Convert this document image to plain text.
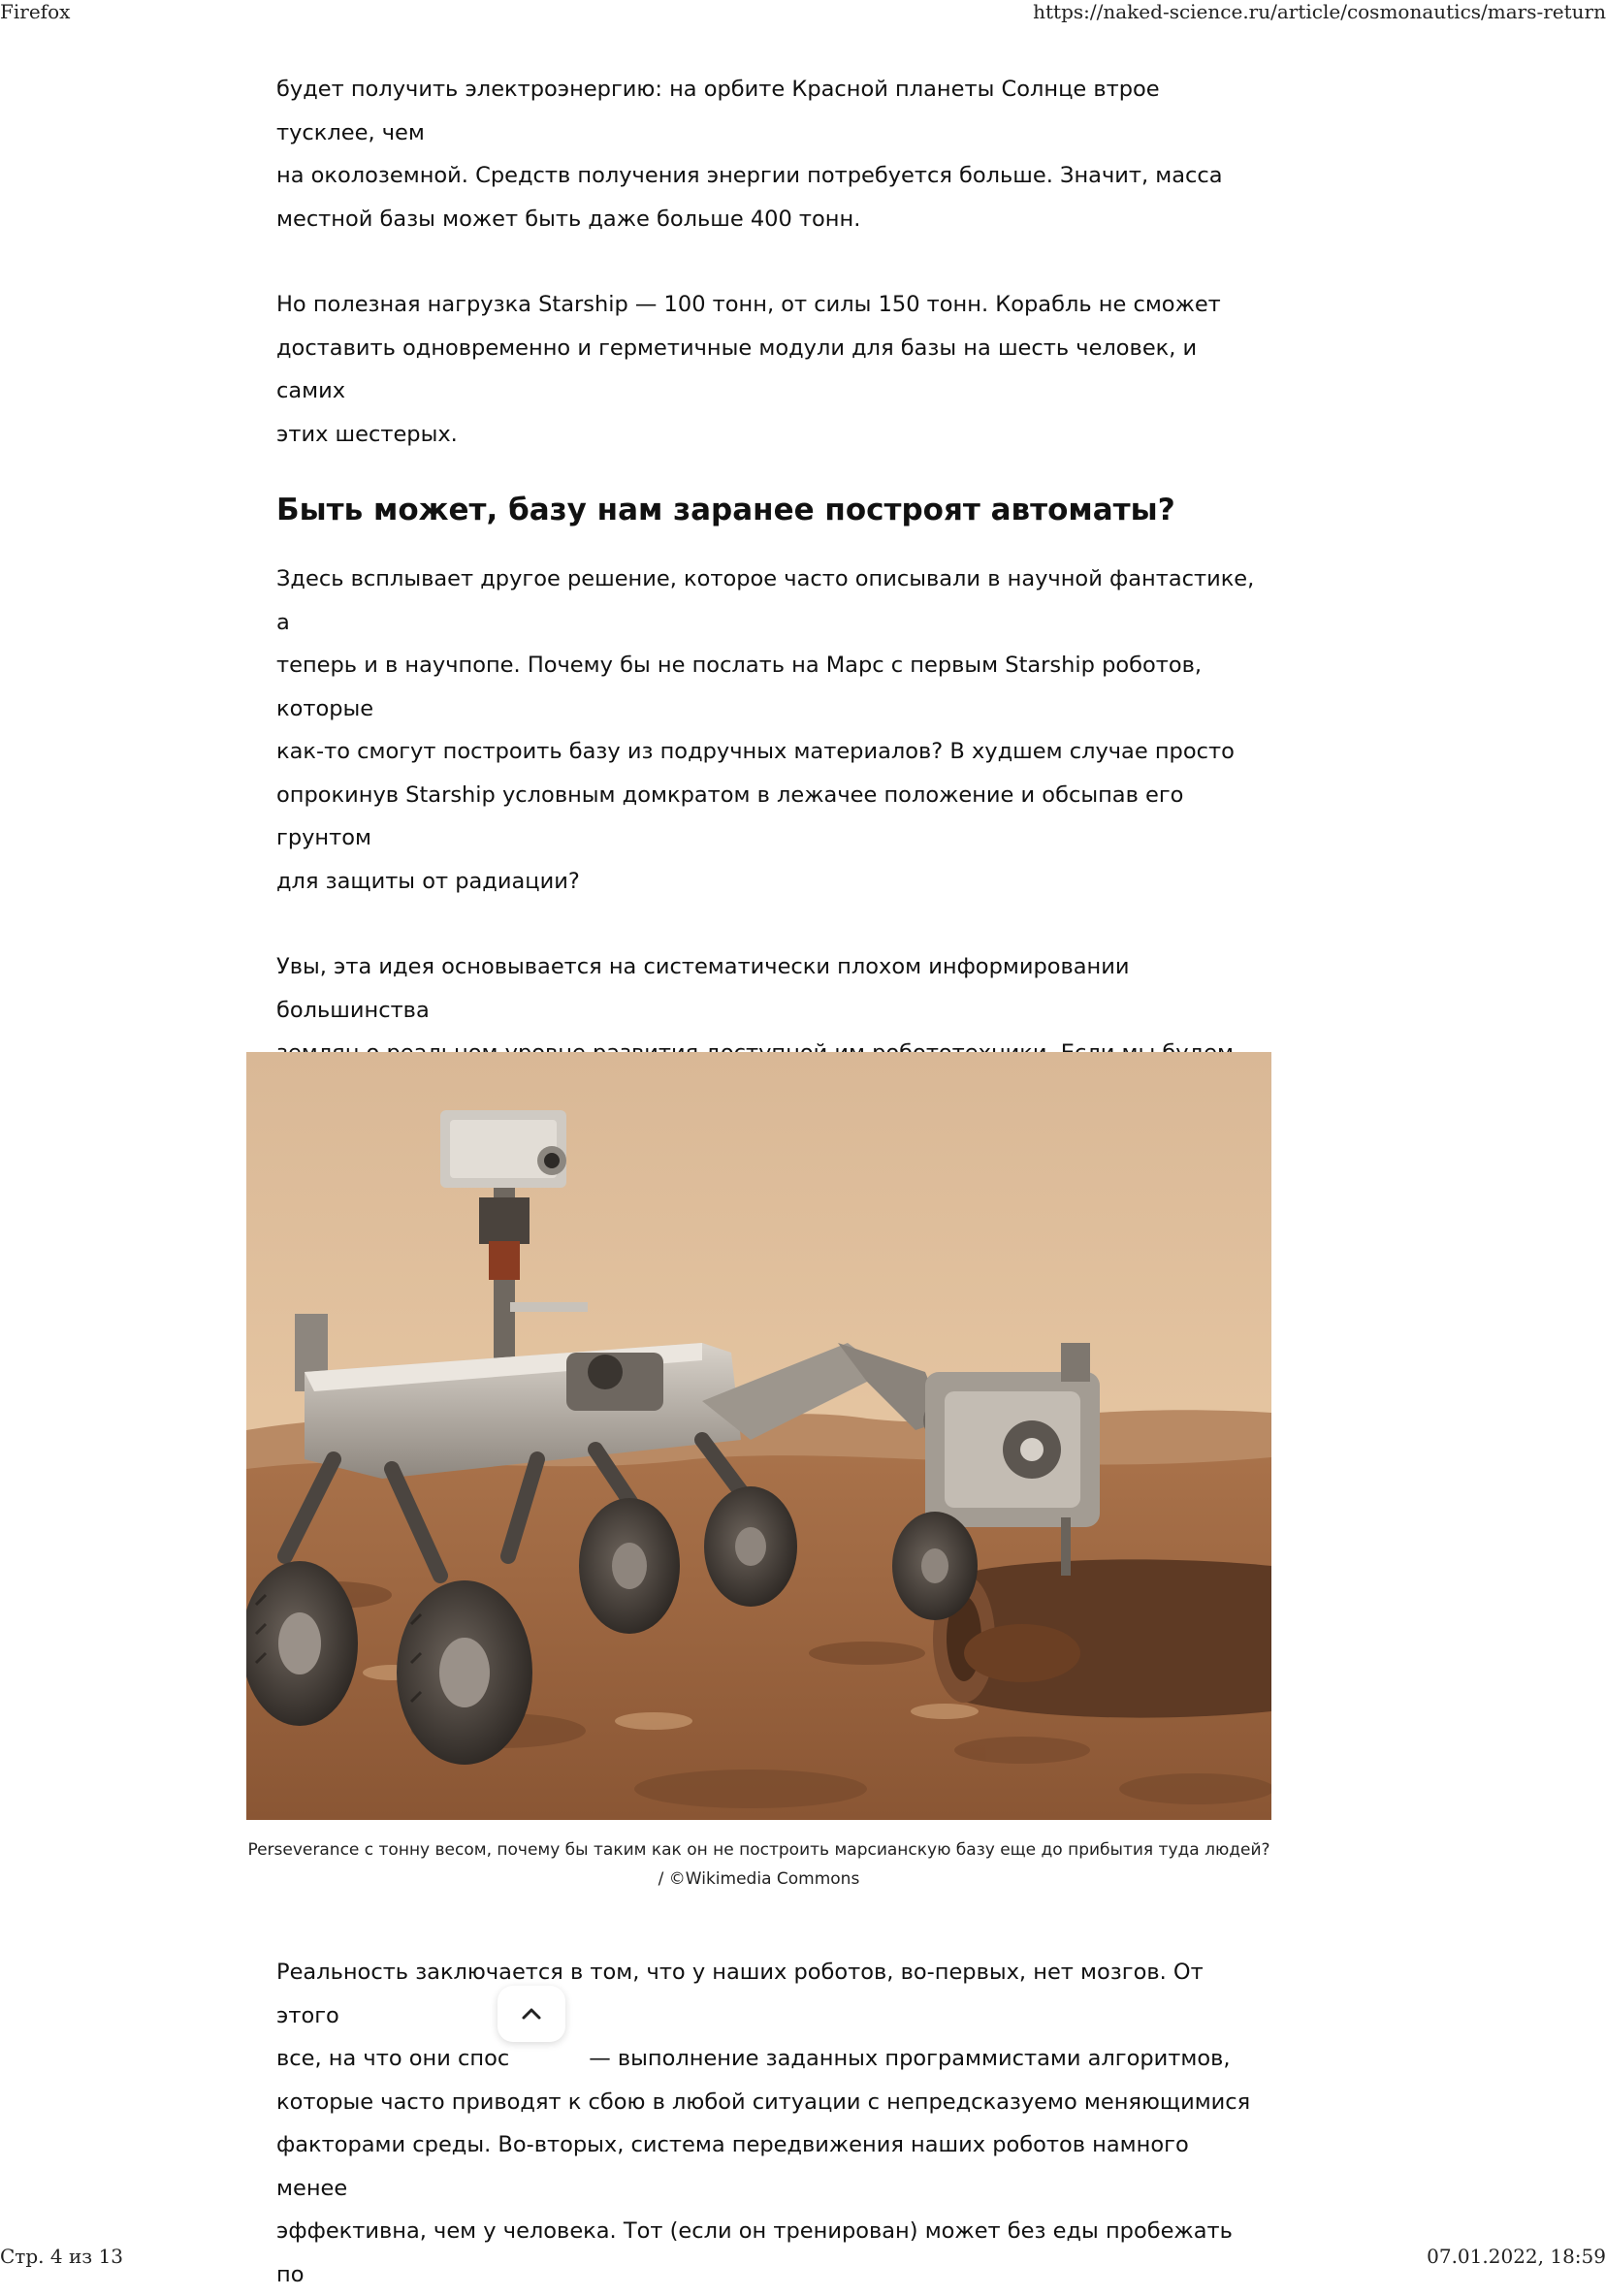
Firefox	https://naked-science.ru/article/cosmonautics/mars-return

будет получить электроэнергию: на орбите Красной планеты Солнце втрое тусклее, чем
на околоземной. Средств получения энергии потребуется больше. Значит, масса
местной базы может быть даже больше 400 тонн.

Но полезная нагрузка Starship — 100 тонн, от силы 150 тонн. Корабль не сможет
доставить одновременно и герметичные модули для базы на шесть человек, и самих
этих шестерых.

Быть может, базу нам заранее построят автоматы?

Здесь всплывает другое решение, которое часто описывали в научной фантастике, а
теперь и в научпопе. Почему бы не послать на Марс с первым Starship роботов, которые
как-то смогут построить базу из подручных материалов? В худшем случае просто
опрокинув Starship условным домкратом в лежачее положение и обсыпав его грунтом
для защиты от радиации?

Увы, эта идея основывается на систематически плохом информировании большинства

Perseverance с тонну весом, почему бы таким как он не построить марсианскую базу еще до прибытия туда людей?
/ ©Wikimedia Commons

Реальность заключается в том, что у наших роботов, во-первых, нет мозгов. От этого
все, на что они спос	— выполнение заданных программистами алгоритмов,
которые часто приводят к сбою в любой ситуации с непредсказуемо меняющимися
факторами среды. Во-вторых, система передвижения наших роботов намного менее
эффективна, чем у человека. Тот (если он тренирован) может без еды пробежать по

Стр. 4 из 13	07.01.2022, 18:59
